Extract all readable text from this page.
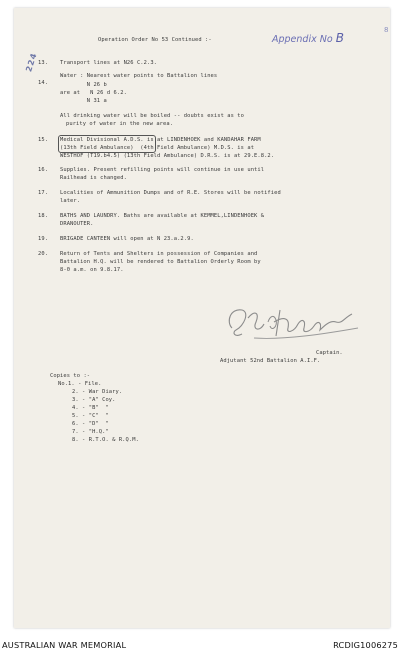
Appendix No B
8
224
Operation Order No 53 Continued :-
13. Transport lines at N26 C.2.3.
14.
Water : Nearest water points to Battalion lines
N 26 b
are at   N 26 d 6.2.
N 31 a
All drinking water will be boiled -- doubts exist as to
purity of water in the new area.
15. Medical Divisional A.D.S. is at LINDENHOEK and KANDAHAR FARM
(13th Field Ambulance)  (4th Field Ambulance) M.D.S. is at
WESTHOF (T19.b4.5) (13th Field Ambulance) D.R.S. is at 29.E.8.2.
16. Supplies. Present refilling points will continue in use until
Railhead is changed.
17. Localities of Ammunition Dumps and of R.E. Stores will be notified
later.
18. BATHS AND LAUNDRY. Baths are available at KEMMEL,LINDENHOEK &
DRANOUTER.
19. BRIGADE CANTEEN will open at N 23.a.2.9.
20. Return of Tents and Shelters in possession of Companies and
Battalion H.Q. will be rendered to Battalion Orderly Room by
8-0 a.m. on 9.8.17.
Captain.
Adjutant 52nd Battalion A.I.F.
Copies to :-
No.1. - File.
2. - War Diary.
3. - "A" Coy.
4. - "B"  "
5. - "C"  "
6. - "D"  "
7. - "H.Q."
8. - R.T.O. & R.Q.M.
AUSTRALIAN WAR MEMORIAL	RCDIG1006275
